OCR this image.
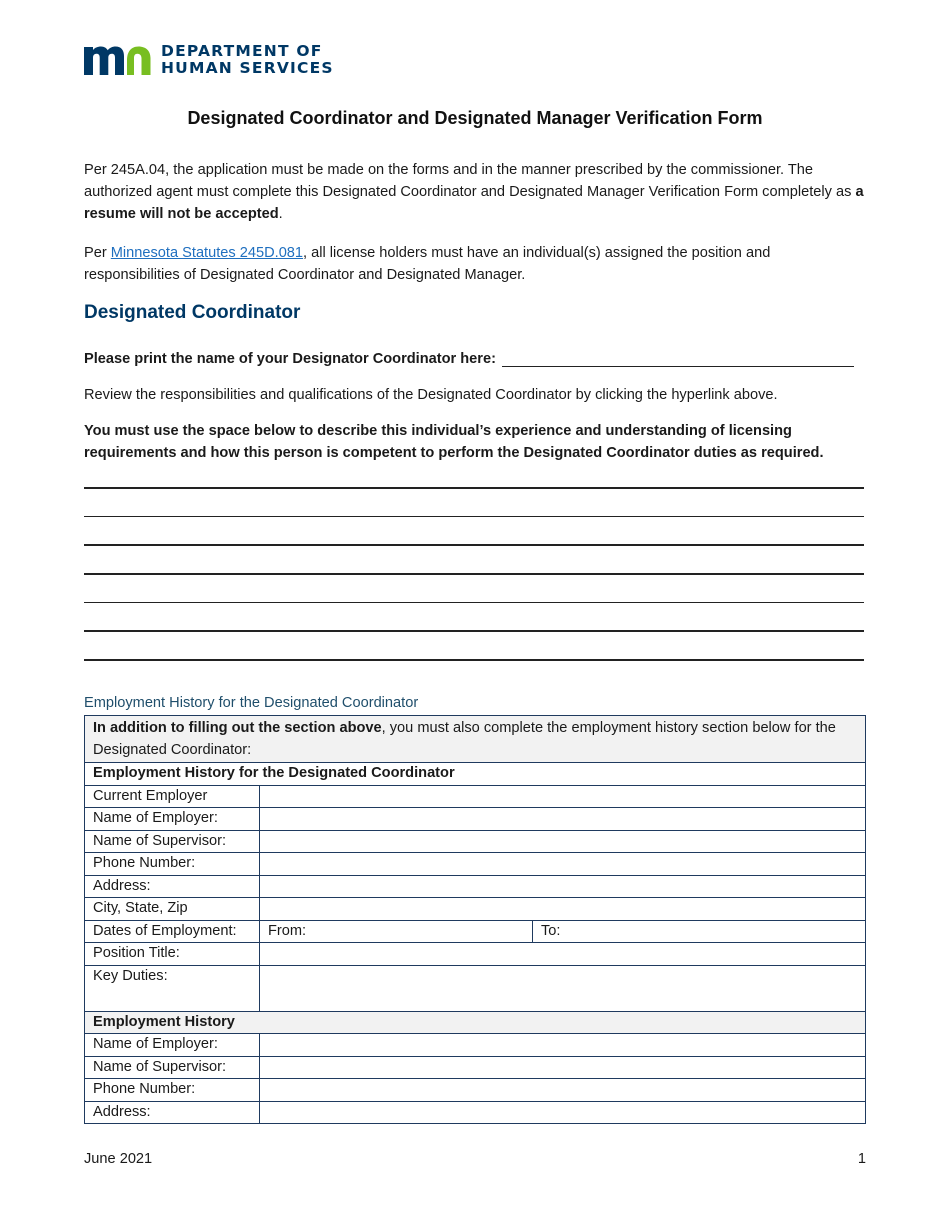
DEPARTMENT OF
HUMAN SERVICES
Designated Coordinator and Designated Manager Verification Form
Per 245A.04, the application must be made on the forms and in the manner prescribed by the commissioner. The authorized agent must complete this Designated Coordinator and Designated Manager Verification Form completely as a resume will not be accepted.
Per Minnesota Statutes 245D.081, all license holders must have an individual(s) assigned the position and responsibilities of Designated Coordinator and Designated Manager.
Designated Coordinator
Please print the name of your Designator Coordinator here:
Review the responsibilities and qualifications of the Designated Coordinator by clicking the hyperlink above.
You must use the space below to describe this individual’s experience and understanding of licensing requirements and how this person is competent to perform the Designated Coordinator duties as required.
Employment History for the Designated Coordinator
In addition to filling out the section above, you must also complete the employment history section below for the Designated Coordinator:		
Employment History for the Designated Coordinator		
Current Employer		
Name of Employer:		
Name of Supervisor:		
Phone Number:		
Address:		
City, State, Zip		
Dates of Employment:	From:	To:
Position Title:		
Key Duties:		
Employment History		
Name of Employer:		
Name of Supervisor:		
Phone Number:		
Address:		
June 2021	1
